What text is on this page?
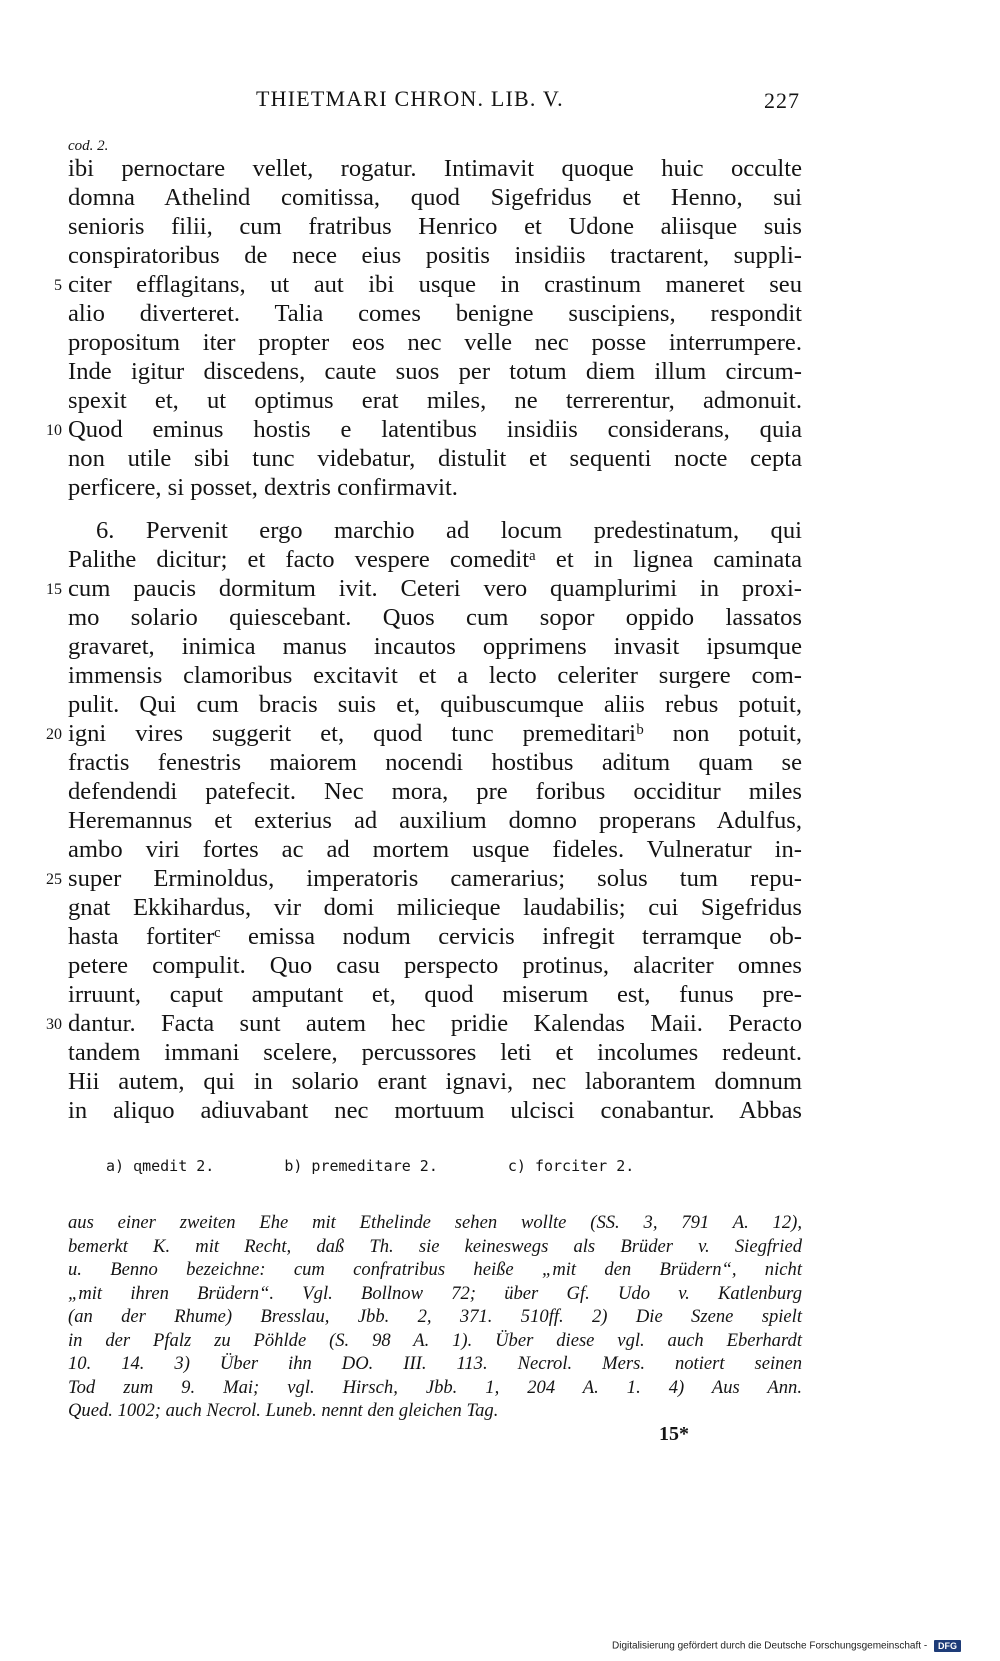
THIETMARI CHRON. LIB. V.	227
cod. 2.
ibi pernoctare vellet, rogatur. Intimavit quoque huic occulte
domna Athelind comitissa, quod Sigefridus et Henno, sui
senioris filii, cum fratribus Henrico et Udone aliisque suis
conspiratoribus de nece eius positis insidiis tractarent, suppli-
citer efflagitans, ut aut ibi usque in crastinum maneret seu
5
alio diverteret. Talia comes benigne suscipiens, respondit
propositum iter propter eos nec velle nec posse interrumpere.
Inde igitur discedens, caute suos per totum diem illum circum-
spexit et, ut optimus erat miles, ne terrerentur, admonuit.
Quod eminus hostis e latentibus insidiis considerans, quia
10
non utile sibi tunc videbatur, distulit et sequenti nocte cepta
perficere, si posset, dextris confirmavit.
6. Pervenit ergo marchio ad locum predestinatum, qui
Palithe dicitur; et facto vespere comeditᵃ et in lignea caminata
cum paucis dormitum ivit. Ceteri vero quamplurimi in proxi-
15
mo solario quiescebant. Quos cum sopor oppido lassatos
gravaret, inimica manus incautos opprimens invasit ipsumque
immensis clamoribus excitavit et a lecto celeriter surgere com-
pulit. Qui cum bracis suis et, quibuscumque aliis rebus potuit,
igni vires suggerit et, quod tunc premeditariᵇ non potuit,
20
fractis fenestris maiorem nocendi hostibus aditum quam se
defendendi patefecit. Nec mora, pre foribus occiditur miles
Heremannus et exterius ad auxilium domno properans Adulfus,
ambo viri fortes ac ad mortem usque fideles. Vulneratur in-
super Erminoldus, imperatoris camerarius; solus tum repu-
25
gnat Ekkihardus, vir domi milicieque laudabilis; cui Sigefridus
hasta fortiterᶜ emissa nodum cervicis infregit terramque ob-
petere compulit. Quo casu perspecto protinus, alacriter omnes
irruunt, caput amputant et, quod miserum est, funus pre-
dantur. Facta sunt autem hec pridie Kalendas Maii. Peracto
30
tandem immani scelere, percussores leti et incolumes redeunt.
Hii autem, qui in solario erant ignavi, nec laborantem domnum
in aliquo adiuvabant nec mortuum ulcisci conabantur. Abbas
a) ɋmedit 2.	b) premeditare 2.	c) forciter 2.
aus einer zweiten Ehe mit Ethelinde sehen wollte (SS. 3, 791 A. 12),
bemerkt K. mit Recht, daß Th. sie keineswegs als Brüder v. Siegfried
u. Benno bezeichne: cum confratribus heiße „mit den Brüdern“, nicht
„mit ihren Brüdern“. Vgl. Bollnow 72; über Gf. Udo v. Katlenburg
(an der Rhume) Bresslau, Jbb. 2, 371. 510ff. 2) Die Szene spielt
in der Pfalz zu Pöhlde (S. 98 A. 1). Über diese vgl. auch Eberhardt
10. 14. 3) Über ihn DO. III. 113. Necrol. Mers. notiert seinen
Tod zum 9. Mai; vgl. Hirsch, Jbb. 1, 204 A. 1. 4) Aus Ann.
Qued. 1002; auch Necrol. Luneb. nennt den gleichen Tag.
15*
Digitalisierung gefördert durch die Deutsche Forschungsgemeinschaft - DFG
